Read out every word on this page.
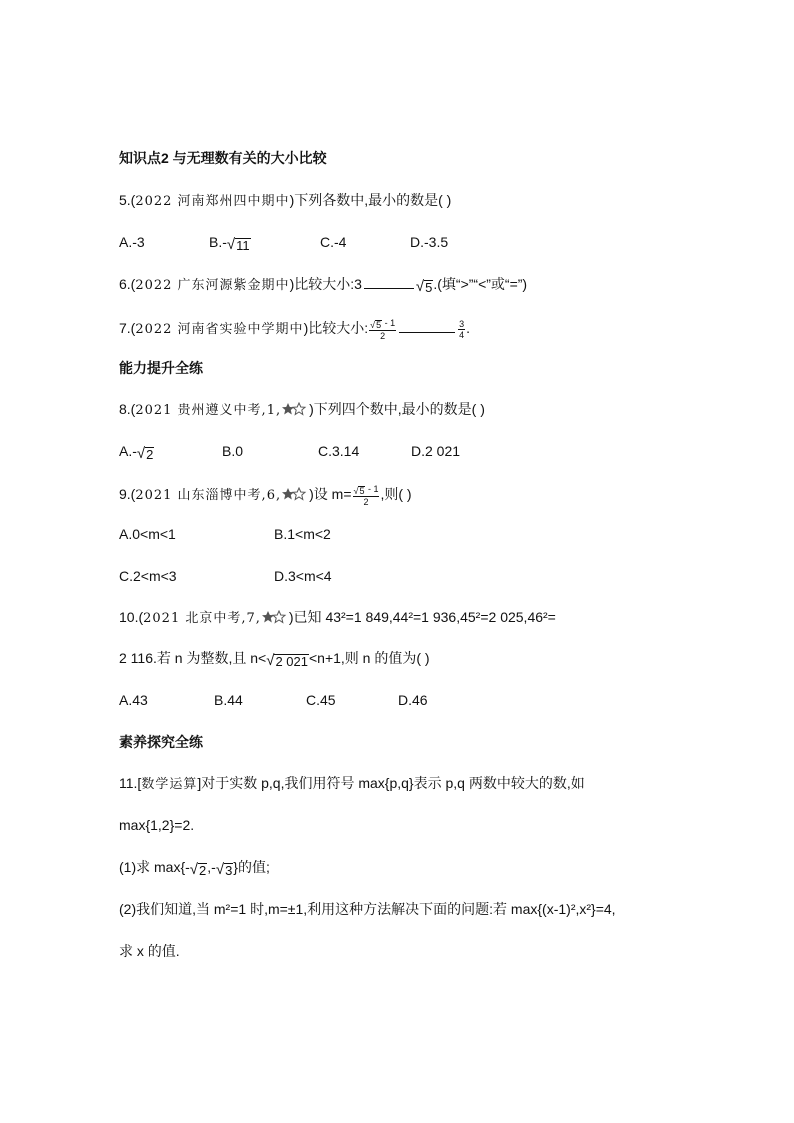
知识点2 与无理数有关的大小比较
5.(2022 河南郑州四中期中)下列各数中,最小的数是( )
A.-3	B.- √ 11	C.-4	D.-3.5
6.(2022 广东河源紫金期中)比较大小:3	√ 5 .(填“>”“<”或“=”)
7.(2022 河南省实验中学期中)比较大小: $\frac{√ 5 - 1}{2}$	$\frac{3}{4}$ .
能力提升全练
8.(2021 贵州遵义中考,1, )下列四个数中,最小的数是( )
A.- √ 2	B.0	C.3.14	D.2 021
9.(2021 山东淄博中考,6, )设 $m= \frac{√ 5 - 1}{2}$ ,则( )
A.0<m<1	B.1<m<2
C.2<m<3	D.3<m<4
10.(2021 北京中考,7, )已知 43²=1 849,44²=1 936,45²=2 025,46²=
2 116.若 n 为整数,且 n< √ 2 021 <n+1,则 n 的值为( )
A.43	B.44	C.45	D.46
素养探究全练
11.[数学运算]对于实数 p,q,我们用符号 max{p,q}表示 p,q 两数中较大的数,如
max{1,2}=2.
(1)求 max{- √ 2 ,- √ 3 }的值;
(2)我们知道,当 m²=1 时,m=±1,利用这种方法解决下面的问题:若 max{(x-1)²,x²}=4,
求 x 的值.
